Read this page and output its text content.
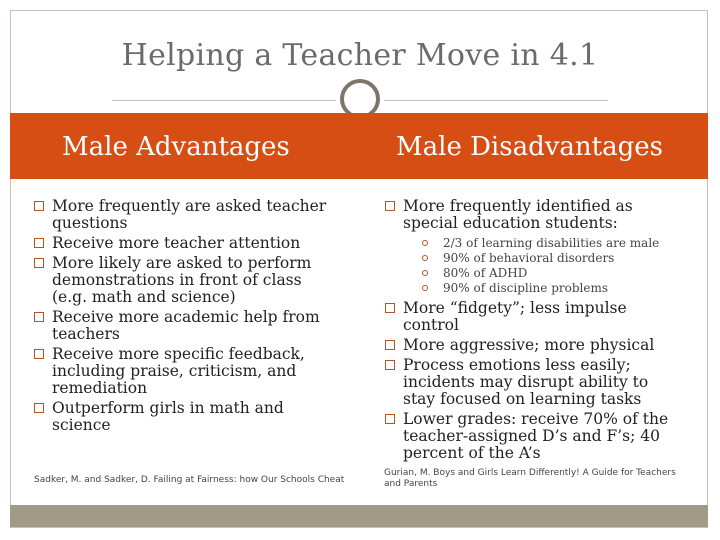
Helping a Teacher Move in 4.1
Male Advantages	Male Disadvantages
More frequently are asked teacher questions
Receive more teacher attention
More likely are asked to perform demonstrations in front of class (e.g. math and science)
Receive more academic help from teachers
Receive more specific feedback, including praise, criticism, and remediation
Outperform girls in math and science
More frequently identified as special education students:
2/3 of learning disabilities are male
90% of behavioral disorders
80% of ADHD
90% of discipline problems
More “fidgety”; less impulse control
More aggressive; more physical
Process emotions less easily; incidents may disrupt ability to stay focused on learning tasks
Lower grades: receive 70% of the teacher-assigned D’s and F’s; 40 percent of the A’s
Sadker, M. and Sadker, D. Failing at Fairness: how Our Schools Cheat
Gurian, M. Boys and Girls Learn Differently! A Guide for Teachers and Parents
